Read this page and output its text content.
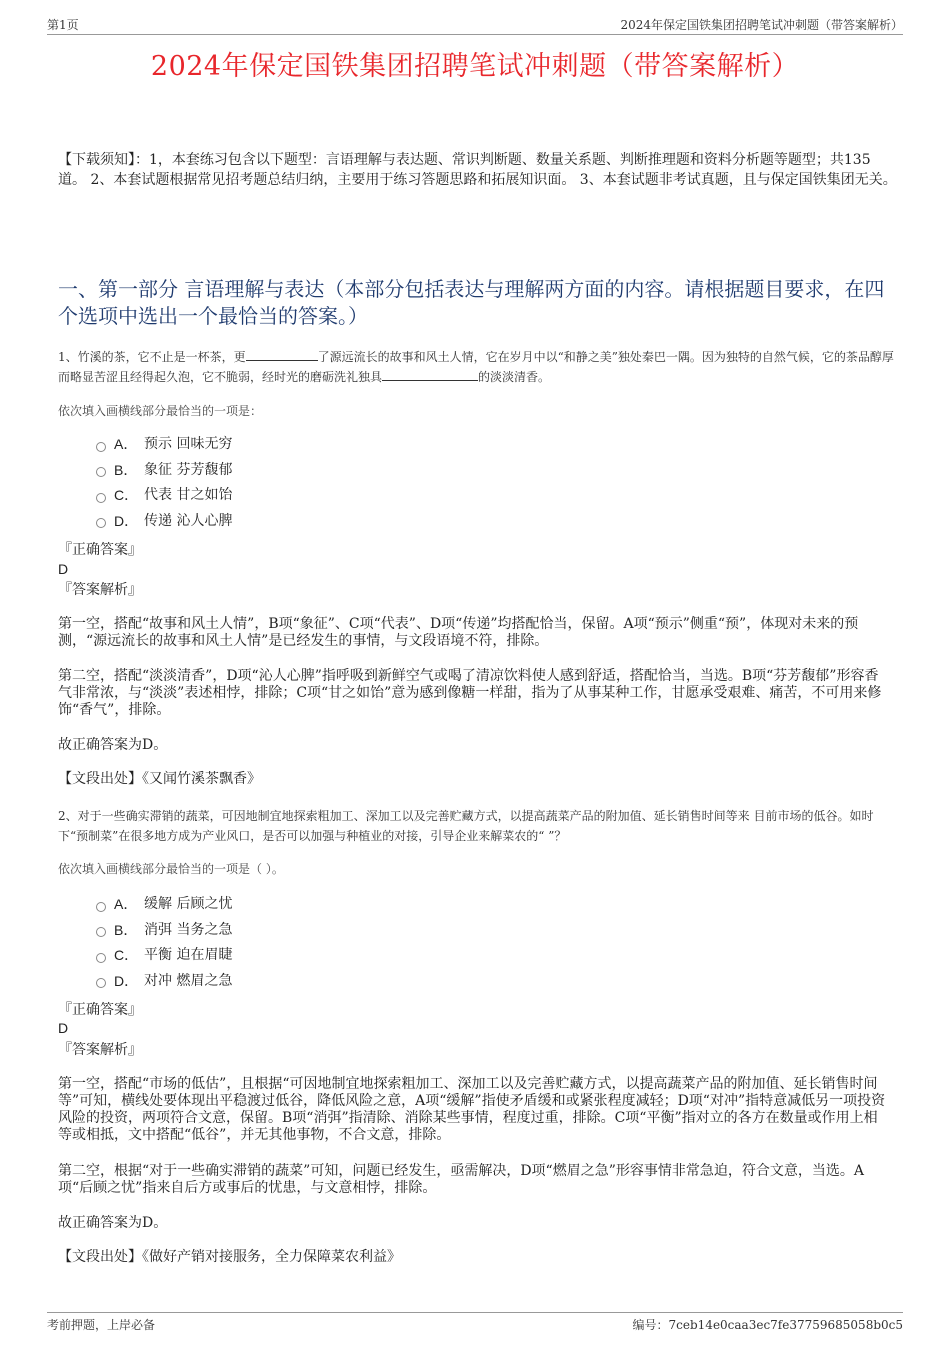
第1页	2024年保定国铁集团招聘笔试冲刺题（带答案解析）
2024年保定国铁集团招聘笔试冲刺题（带答案解析）
【下载须知】：1，本套练习包含以下题型：言语理解与表达题、常识判断题、数量关系题、判断推理题和资料分析题等题型；共135道。 2、本套试题根据常见招考题总结归纳，主要用于练习答题思路和拓展知识面。 3、本套试题非考试真题，且与保定国铁集团无关。
一、第一部分 言语理解与表达（本部分包括表达与理解两方面的内容。请根据题目要求，在四个选项中选出一个最恰当的答案。）
1、竹溪的茶，它不止是一杯茶，更	了源远流长的故事和风土人情，它在岁月中以“和静之美”独处秦巴一隅。因为独特的自然气候，它的茶品醇厚而略显苦涩且经得起久泡，它不脆弱，经时光的磨砺洗礼独具	的淡淡清香。
依次填入画横线部分最恰当的一项是：
A． 预示 回味无穷
B． 象征 芬芳馥郁
C． 代表 甘之如饴
D． 传递 沁人心脾
『正确答案』
D
『答案解析』
第一空，搭配“故事和风土人情”，B项“象征”、C项“代表”、D项“传递”均搭配恰当，保留。A项“预示”侧重“预”，体现对未来的预测，“源远流长的故事和风土人情”是已经发生的事情，与文段语境不符，排除。
第二空，搭配“淡淡清香”，D项“沁人心脾”指呼吸到新鲜空气或喝了清凉饮料使人感到舒适，搭配恰当，当选。B项“芬芳馥郁”形容香气非常浓，与“淡淡”表述相悖，排除；C项“甘之如饴”意为感到像糖一样甜，指为了从事某种工作，甘愿承受艰难、痛苦，不可用来修饰“香气”，排除。
故正确答案为D。
【文段出处】《又闻竹溪茶飘香》
2、对于一些确实滞销的蔬菜，可因地制宜地探索粗加工、深加工以及完善贮藏方式，以提高蔬菜产品的附加值、延长销售时间等来 目前市场的低谷。如时下“预制菜”在很多地方成为产业风口，是否可以加强与种植业的对接，引导企业来解菜农的“ ”？
依次填入画横线部分最恰当的一项是（ ）。
A． 缓解 后顾之忧
B． 消弭 当务之急
C． 平衡 迫在眉睫
D． 对冲 燃眉之急
『正确答案』
D
『答案解析』
第一空，搭配“市场的低估”，且根据“可因地制宜地探索粗加工、深加工以及完善贮藏方式，以提高蔬菜产品的附加值、延长销售时间等”可知，横线处要体现出平稳渡过低谷，降低风险之意，A项“缓解”指使矛盾缓和或紧张程度减轻；D项“对冲”指特意减低另一项投资风险的投资，两项符合文意，保留。B项“消弭”指清除、消除某些事情，程度过重，排除。C项“平衡”指对立的各方在数量或作用上相等或相抵，文中搭配“低谷”，并无其他事物，不合文意，排除。
第二空，根据“对于一些确实滞销的蔬菜”可知，问题已经发生，亟需解决，D项“燃眉之急”形容事情非常急迫，符合文意，当选。A项“后顾之忧”指来自后方或事后的忧患，与文意相悖，排除。
故正确答案为D。
【文段出处】《做好产销对接服务，全力保障菜农利益》
考前押题，上岸必备	编号：7ceb14e0caa3ec7fe37759685058b0c5
